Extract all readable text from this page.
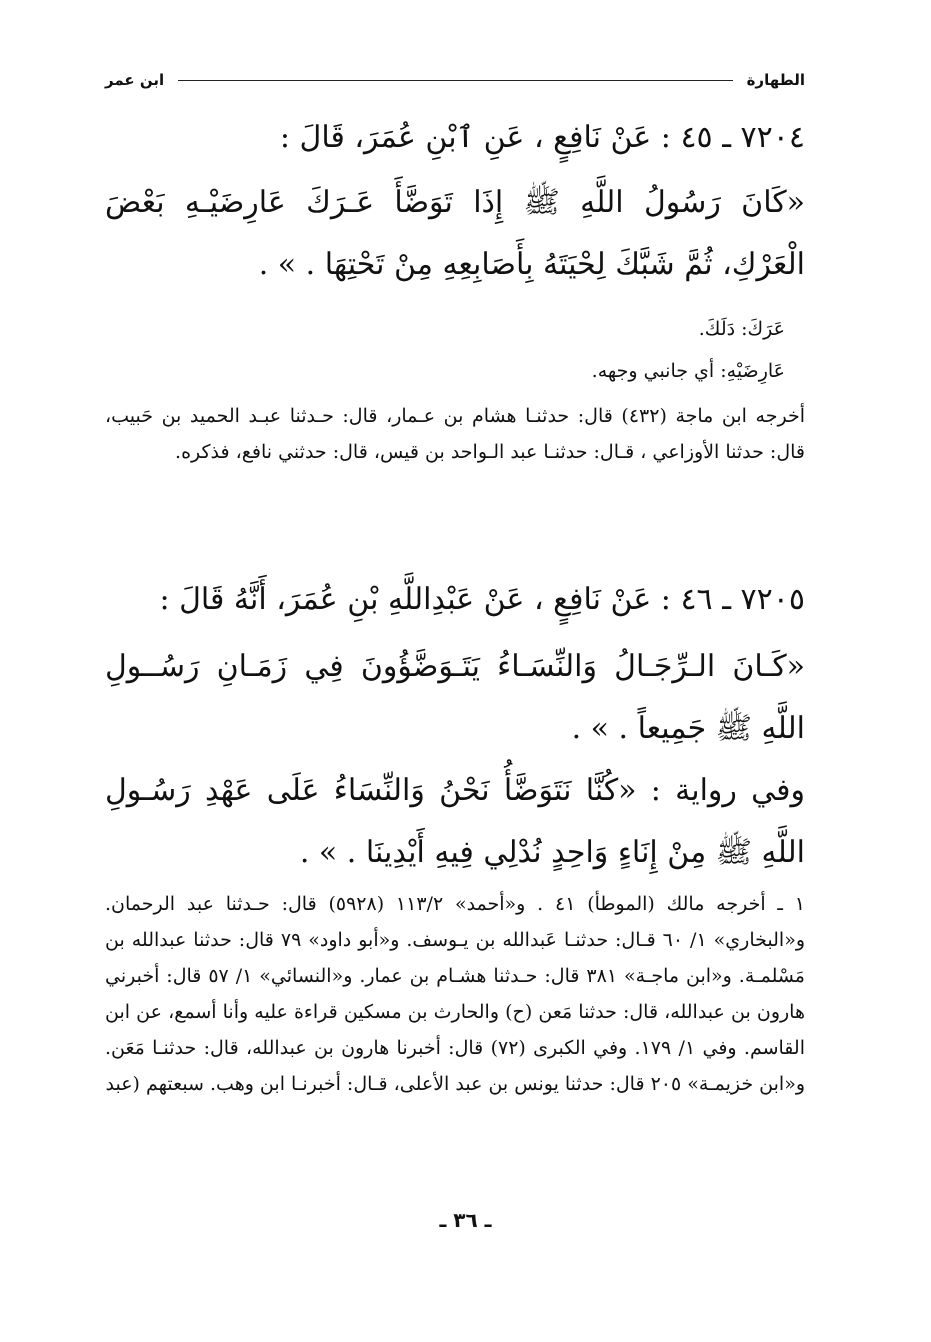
الطهارة
ابن عمر
٧٢٠٤ ـ ٤٥ : عَنْ نَافِعٍ ، عَنِ ٱبْنِ عُمَرَ، قَالَ :
«كَانَ رَسُولُ اللَّهِ ﷺ إِذَا تَوَضَّأَ عَـرَكَ عَارِضَيْـهِ بَعْضَ الْعَرْكِ، ثُمَّ شَبَّكَ لِحْيَتَهُ بِأَصَابِعِهِ مِنْ تَحْتِهَا . » .
عَرَكَ: دَلَكَ.
عَارِضَيْهِ: أي جانبي وجهه.
أخرجه ابن ماجة (٤٣٢) قال: حدثنـا هشام بن عـمار، قال: حـدثنا عبـد الحميد بن حَبيب، قال: حدثنا الأوزاعي ، قـال: حدثنـا عبد الـواحد بن قيس، قال: حدثني نافع، فذكره.
٧٢٠٥ ـ ٤٦ : عَنْ نَافِعٍ ، عَنْ عَبْدِاللَّهِ بْنِ عُمَرَ، أَنَّهُ قَالَ :
«كَـانَ الـرِّجَـالُ وَالنِّسَـاءُ يَتَـوَضَّؤُونَ فِي زَمَـانِ رَسُــولِ اللَّهِ ﷺ جَمِيعاً . » .
وفي رواية : «كُنَّا نَتَوَضَّأُ نَحْنُ وَالنِّسَاءُ عَلَى عَهْدِ رَسُـولِ اللَّهِ ﷺ مِنْ إِنَاءٍ وَاحِدٍ نُدْلِي فِيهِ أَيْدِينَا . » .
١ ـ أخرجه مالك (الموطأ) ٤١ . و«أحمد» ١١٣/٢ (٥٩٢٨) قال: حـدثنا عبد الرحمان. و«البخاري» ١/ ٦٠ قـال: حدثنـا عَبدالله بن يـوسف. و«أبو داود» ٧٩ قال: حدثنا عبدالله بن مَسْلمـة. و«ابن ماجـة» ٣٨١ قال: حـدثنا هشـام بن عمار. و«النسائي» ١/ ٥٧ قال: أخبرني هارون بن عبدالله، قال: حدثنا مَعن (ح) والحارث بن مسكين قراءة عليه وأنا أسمع، عن ابن القاسم. وفي ١/ ١٧٩. وفي الكبرى (٧٢) قال: أخبرنا هارون بن عبدالله، قال: حدثنـا مَعَن. و«ابن خزيمـة» ٢٠٥ قال: حدثنا يونس بن عبد الأعلى، قـال: أخبرنـا ابن وهب. سبعتهم (عبد
ـ ٣٦ ـ
